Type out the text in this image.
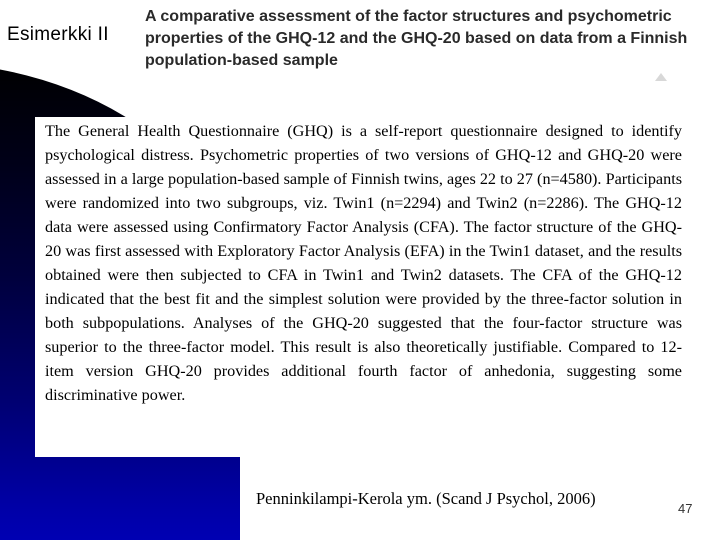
Esimerkki II
A comparative assessment of the factor structures and psychometric properties of the GHQ-12 and the GHQ-20 based on data from a Finnish population-based sample

The General Health Questionnaire (GHQ) is a self-report questionnaire designed to identify psychological distress. Psychometric properties of two versions of GHQ-12 and GHQ‐20 were assessed in a large population-based sample of Finnish twins, ages 22 to 27 (n=4580). Participants were randomized into two subgroups, viz. Twin1 (n=2294) and Twin2 (n=2286). The GHQ-12 data were assessed using Confirmatory Factor Analysis (CFA). The factor structure of the GHQ-20 was first assessed with Exploratory Factor Analysis (EFA) in the Twin1 dataset, and the results obtained were then subjected to CFA in Twin1 and Twin2 datasets. The CFA of the GHQ-12 indicated that the best fit and the simplest solution were provided by the three-factor solution in both subpopulations. Analyses of the GHQ-20 suggested that the four-factor structure was superior to the three-factor model. This result is also theoretically justifiable. Compared to 12-item version GHQ‐20 provides additional fourth factor of anhedonia, suggesting some discriminative power.

Penninkilampi-Kerola ym. (Scand J Psychol, 2006)
47
